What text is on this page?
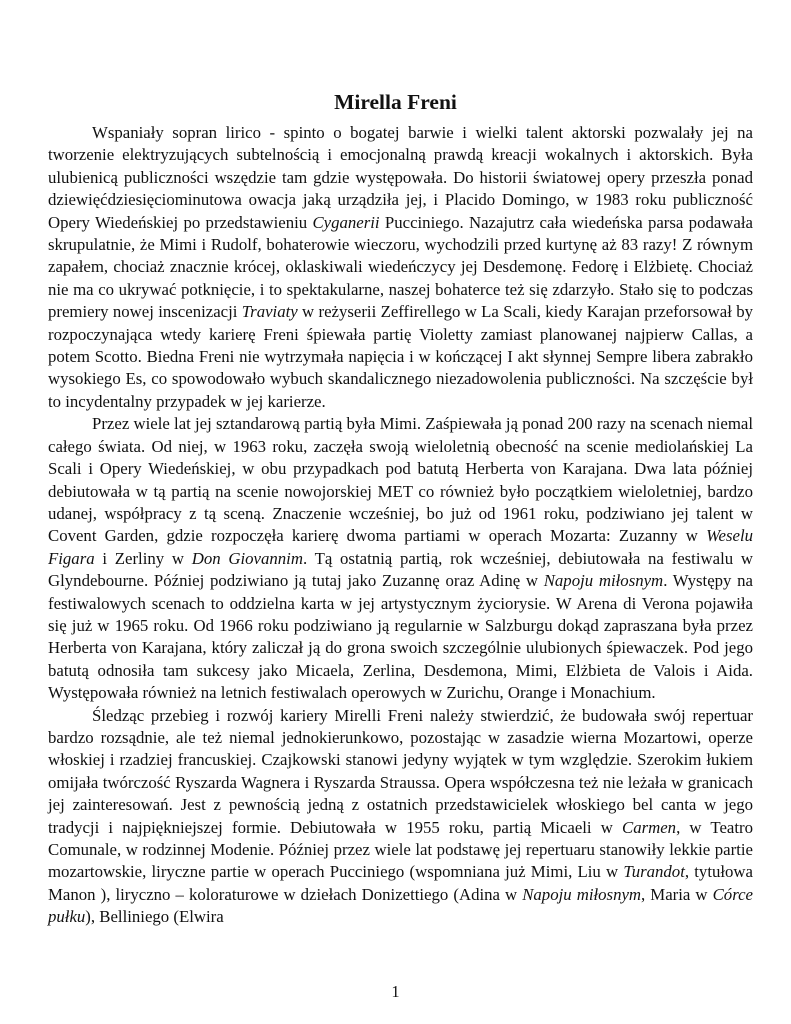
Mirella Freni

Wspaniały sopran lirico - spinto o bogatej barwie i wielki talent aktorski pozwalały jej na tworzenie elektryzujących subtelnością i emocjonalną prawdą kreacji wokalnych i aktorskich. Była ulubienicą publiczności wszędzie tam gdzie występowała. Do historii światowej opery przeszła ponad dziewięćdziesięciominutowa owacja jaką urządziła jej, i Placido Domingo, w 1983 roku publiczność Opery Wiedeńskiej po przedstawieniu Cyganerii Pucciniego. Nazajutrz cała wiedeńska parsa podawała skrupulatnie, że Mimi i Rudolf, bohaterowie wieczoru, wychodzili przed kurtynę aż 83 razy! Z równym zapałem, chociaż znacznie krócej, oklaskiwali wiedeńczycy jej Desdemonę. Fedorę i Elżbietę. Chociaż nie ma co ukrywać potknięcie, i to spektakularne, naszej bohaterce też się zdarzyło. Stało się to podczas premiery nowej inscenizacji Traviaty w reżyserii Zeffirellego w La Scali, kiedy Karajan przeforsował by rozpoczynająca wtedy karierę Freni śpiewała partię Violetty zamiast planowanej najpierw Callas, a potem Scotto. Biedna Freni nie wytrzymała napięcia i w kończącej I akt słynnej Sempre libera zabrakło wysokiego Es, co spowodowało wybuch skandalicznego niezadowolenia publiczności. Na szczęście był to incydentalny przypadek w jej karierze.

Przez wiele lat jej sztandarową partią była Mimi. Zaśpiewała ją ponad 200 razy na scenach niemal całego świata. Od niej, w 1963 roku, zaczęła swoją wieloletnią obecność na scenie mediolańskiej La Scali i Opery Wiedeńskiej, w obu przypadkach pod batutą Herberta von Karajana. Dwa lata później debiutowała w tą partią na scenie nowojorskiej MET co również było początkiem wieloletniej, bardzo udanej, współpracy z tą sceną. Znaczenie wcześniej, bo już od 1961 roku, podziwiano jej talent w Covent Garden, gdzie rozpoczęła karierę dwoma partiami w operach Mozarta: Zuzanny w Weselu Figara i Zerliny w Don Giovannim. Tą ostatnią partią, rok wcześniej, debiutowała na festiwalu w Glyndebourne. Później podziwiano ją tutaj jako Zuzannę oraz Adinę w Napoju miłosnym. Występy na festiwalowych scenach to oddzielna karta w jej artystycznym życiorysie. W Arena di Verona pojawiła się już w 1965 roku. Od 1966 roku podziwiano ją regularnie w Salzburgu dokąd zapraszana była przez Herberta von Karajana, który zaliczał ją do grona swoich szczególnie ulubionych śpiewaczek. Pod jego batutą odnosiła tam sukcesy jako Micaela, Zerlina, Desdemona, Mimi, Elżbieta de Valois i Aida. Występowała również na letnich festiwalach operowych w Zurichu, Orange i Monachium.

Śledząc przebieg i rozwój kariery Mirelli Freni należy stwierdzić, że budowała swój repertuar bardzo rozsądnie, ale też niemal jednokierunkowo, pozostając w zasadzie wierna Mozartowi, operze włoskiej i rzadziej francuskiej. Czajkowski stanowi jedyny wyjątek w tym względzie. Szerokim łukiem omijała twórczość Ryszarda Wagnera i Ryszarda Straussa. Opera współczesna też nie leżała w granicach jej zainteresowań. Jest z pewnością jedną z ostatnich przedstawicielek włoskiego bel canta w jego tradycji i najpiękniejszej formie. Debiutowała w 1955 roku, partią Micaeli w Carmen, w Teatro Comunale, w rodzinnej Modenie. Później przez wiele lat podstawę jej repertuaru stanowiły lekkie partie mozartowskie, liryczne partie w operach Pucciniego (wspomniana już Mimi, Liu w Turandot, tytułowa Manon ), liryczno – koloraturowe w dziełach Donizettiego (Adina w Napoju miłosnym, Maria w Córce pułku), Belliniego (Elwira

1
